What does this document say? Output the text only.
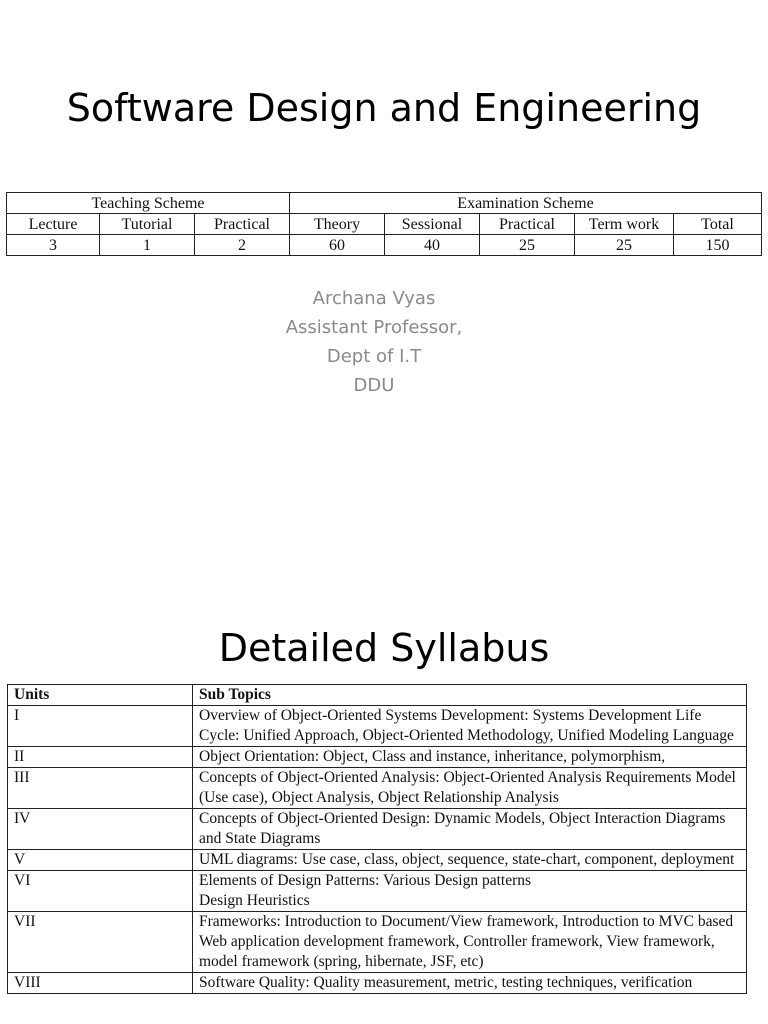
Software Design and Engineering
Teaching Scheme			Examination Scheme				
Lecture	Tutorial	Practical	Theory	Sessional	Practical	Term work	Total
3	1	2	60	40	25	25	150
Archana Vyas
Assistant Professor,
Dept of I.T
DDU
Detailed Syllabus
Units	Sub Topics
I	Overview of Object-Oriented Systems Development: Systems Development Life Cycle: Unified Approach, Object-Oriented Methodology, Unified Modeling Language
II	Object Orientation: Object, Class and instance, inheritance, polymorphism,
III	Concepts of Object-Oriented Analysis: Object-Oriented Analysis Requirements Model (Use case), Object Analysis, Object Relationship Analysis
IV	Concepts of Object-Oriented Design: Dynamic Models, Object Interaction Diagrams and State Diagrams
V	UML diagrams: Use case, class, object, sequence, state-chart, component, deployment
VI	Elements of Design Patterns: Various Design patterns
Design Heuristics

VII	Frameworks: Introduction to Document/View framework, Introduction to MVC based Web application development framework, Controller framework, View framework, model framework (spring, hibernate, JSF, etc)
VIII	Software Quality: Quality measurement, metric, testing techniques, verification
